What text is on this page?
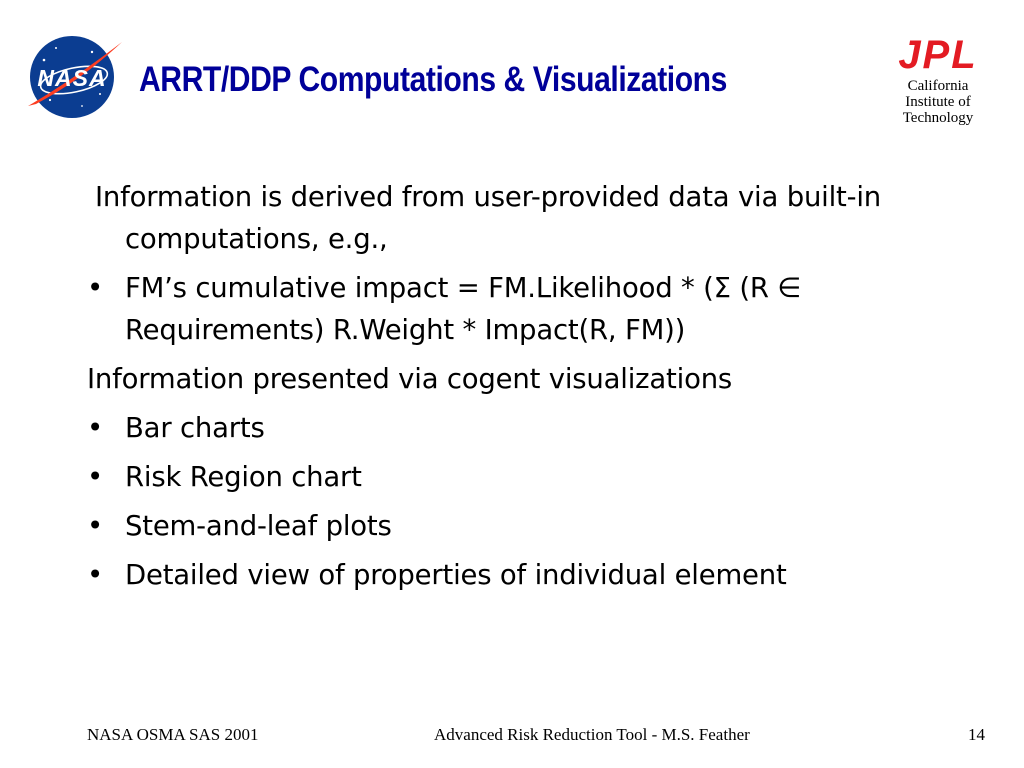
NASA ARRT/DDP Computations & Visualizations
JPL
California
Institute of
Technology
Information is derived from user-provided data via built-in computations, e.g.,
• FM’s cumulative impact = FM.Likelihood * (Σ (R ∈ Requirements) R.Weight * Impact(R, FM))
Information presented via cogent visualizations
• Bar charts
• Risk Region chart
• Stem-and-leaf plots
• Detailed view of properties of individual element
NASA OSMA SAS 2001	Advanced Risk Reduction Tool - M.S. Feather	14
